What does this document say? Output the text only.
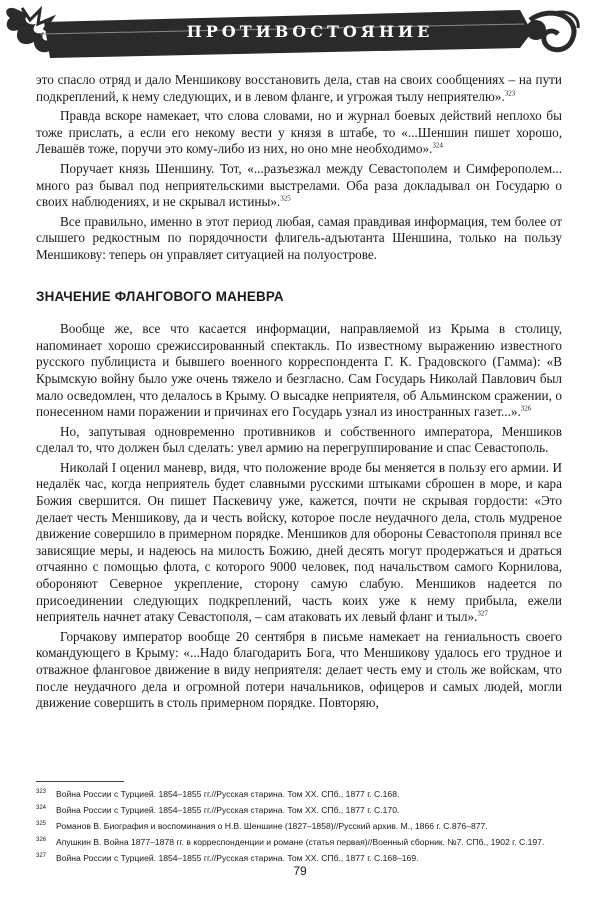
ПРОТИВОСТОЯНИЕ

это спасло отряд и дало Меншикову восстановить дела, став на своих сообщениях – на пути подкреплений, к нему следующих, и в левом фланге, и угрожая тылу неприятелю».$^{323}$

Правда вскоре намекает, что слова словами, но и журнал боевых действий неплохо бы тоже прислать, а если его некому вести у князя в штабе, то «...Шеншин пишет хорошо, Левашёв тоже, поручи это кому-либо из них, но оно мне необходимо».$^{324}$

Поручает князь Шеншину. Тот, «...разъезжал между Севастополем и Симферополем... много раз бывал под неприятельскими выстрелами. Оба раза докладывал он Государю о своих наблюдениях, и не скрывал истины».$^{325}$

Все правильно, именно в этот период любая, самая правдивая информация, тем более от слышего редкостным по порядочности флигель-адъютанта Шеншина, только на пользу Меншикову: теперь он управляет ситуацией на полуострове.

ЗНАЧЕНИЕ ФЛАНГОВОГО МАНЕВРА

Вообще же, все что касается информации, направляемой из Крыма в столицу, напоминает хорошо срежиссированный спектакль. По известному выражению известного русского публициста и бывшего военного корреспондента Г. К. Градовского (Гамма): «В Крымскую войну было уже очень тяжело и безгласно. Сам Государь Николай Павлович был мало осведомлен, что делалось в Крыму. О высадке неприятеля, об Альминском сражении, о понесенном нами поражении и причинах его Государь узнал из иностранных газет...».$^{326}$

Но, запутывая одновременно противников и собственного императора, Меншиков сделал то, что должен был сделать: увел армию на перегруппирование и спас Севастополь.

Николай I оценил маневр, видя, что положение вроде бы меняется в пользу его армии. И недалёк час, когда неприятель будет славными русскими штыками сброшен в море, и кара Божия свершится. Он пишет Паскевичу уже, кажется, почти не скрывая гордости: «Это делает честь Меншикову, да и честь войску, которое после неудачного дела, столь мудреное движение совершило в примерном порядке. Меншиков для обороны Севастополя принял все зависящие меры, и надеюсь на милость Божию, дней десять могут продержаться и драться отчаянно с помощью флота, с которого 9000 человек, под начальством самого Корнилова, обороняют Северное укрепление, сторону самую слабую. Меншиков надеется по присоединении следующих подкреплений, часть коих уже к нему прибыла, ежели неприятель начнет атаку Севастополя, – сам атаковать их левый фланг и тыл».$^{327}$

Горчаковy император вообще 20 сентября в письме намекает на гениальность своего командующего в Крыму: «...Надо благодарить Бога, что Меншикову удалось его трудное и отважное фланговое движение в виду неприятеля: делает честь ему и столь же войскам, что после неудачного дела и огромной потери начальников, офицеров и самых людей, могли движение совершить в столь примерном порядке. Повторяю,

323	Война России с Турцией. 1854–1855 гг.//Русская старина. Том XX. СПб., 1877 г. С.168.
324	Война России с Турцией. 1854–1855 гг.//Русская старина. Том XX. СПб., 1877 г. С.170.
325	Романов В. Биография и воспоминания о Н.В. Шеншине (1827–1858)//Русский архив. М., 1866 г. С.876–877.
326	Апушкин В. Война 1877–1878 гг. в корреспонденции и романе (статья первая)//Военный сборник. №7. СПб., 1902 г. С.197.
327	Война России с Турцией. 1854–1855 гг.//Русская старина. Том XX. СПб., 1877 г. С.168–169.
79
